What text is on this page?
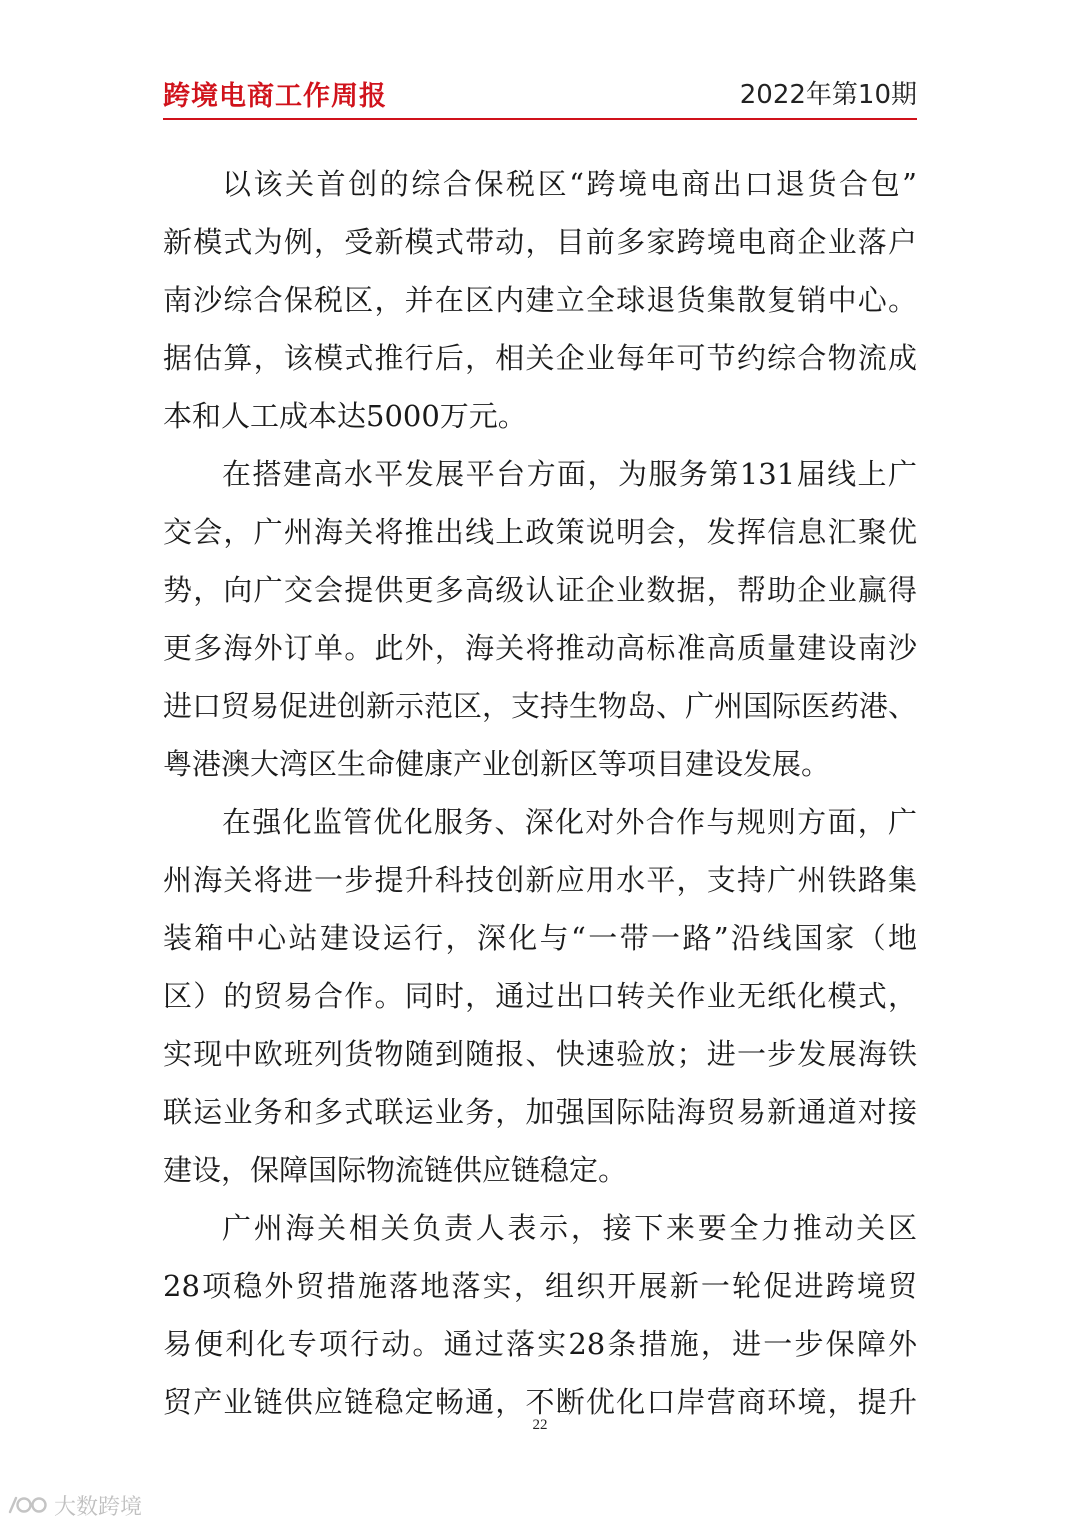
跨境电商工作周报	2022年第10期
以该关首创的综合保税区“跨境电商出口退货合包”
新模式为例，受新模式带动，目前多家跨境电商企业落户
南沙综合保税区，并在区内建立全球退货集散复销中心。
据估算，该模式推行后，相关企业每年可节约综合物流成
本和人工成本达5000万元。
在搭建高水平发展平台方面，为服务第131届线上广
交会，广州海关将推出线上政策说明会，发挥信息汇聚优
势，向广交会提供更多高级认证企业数据，帮助企业赢得
更多海外订单。此外，海关将推动高标准高质量建设南沙
进口贸易促进创新示范区，支持生物岛、广州国际医药港、
粤港澳大湾区生命健康产业创新区等项目建设发展。
在强化监管优化服务、深化对外合作与规则方面，广
州海关将进一步提升科技创新应用水平，支持广州铁路集
装箱中心站建设运行，深化与“一带一路”沿线国家（地
区）的贸易合作。同时，通过出口转关作业无纸化模式，
实现中欧班列货物随到随报、快速验放；进一步发展海铁
联运业务和多式联运业务，加强国际陆海贸易新通道对接
建设，保障国际物流链供应链稳定。
广州海关相关负责人表示，接下来要全力推动关区
28项稳外贸措施落地落实，组织开展新一轮促进跨境贸
易便利化专项行动。通过落实28条措施，进一步保障外
贸产业链供应链稳定畅通，不断优化口岸营商环境，提升
22
大数跨境
